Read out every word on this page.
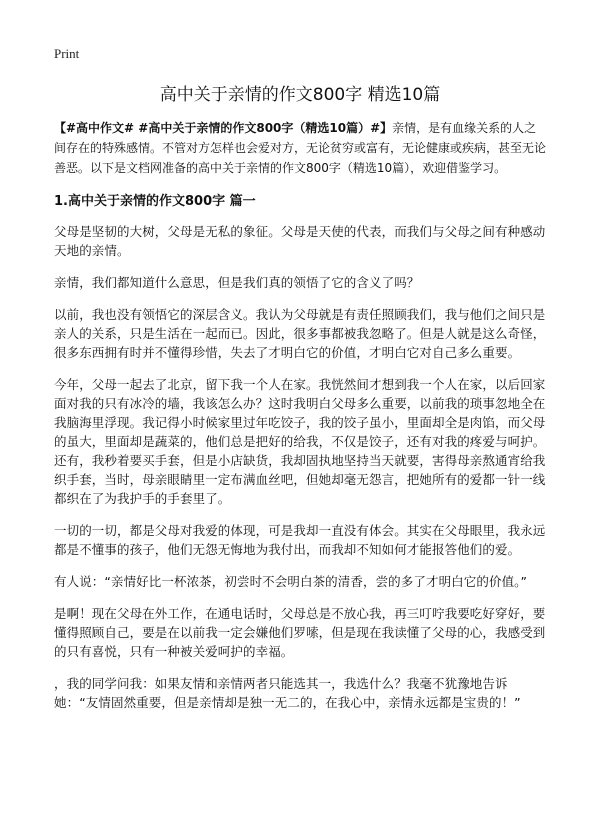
Print
高中关于亲情的作文800字 精选10篇

【#高中作文# #高中关于亲情的作文800字（精选10篇）#】亲情，是有血缘关系的人之间存在的特殊感情。不管对方怎样也会爱对方，无论贫穷或富有，无论健康或疾病，甚至无论善恶。以下是文档网准备的高中关于亲情的作文800字（精选10篇），欢迎借鉴学习。

1.高中关于亲情的作文800字 篇一

父母是坚韧的大树，父母是无私的象征。父母是天使的代表，而我们与父母之间有种感动天地的亲情。

亲情，我们都知道什么意思，但是我们真的领悟了它的含义了吗？

以前，我也没有领悟它的深层含义。我认为父母就是有责任照顾我们，我与他们之间只是亲人的关系，只是生活在一起而已。因此，很多事都被我忽略了。但是人就是这么奇怪，很多东西拥有时并不懂得珍惜，失去了才明白它的价值，才明白它对自己多么重要。

今年，父母一起去了北京，留下我一个人在家。我恍然间才想到我一个人在家，以后回家面对我的只有冰冷的墙，我该怎么办？这时我明白父母多么重要，以前我的琐事忽地全在我脑海里浮现。我记得小时候家里过年吃饺子，我的饺子虽小，里面却全是肉馅，而父母的虽大，里面却是蔬菜的，他们总是把好的给我，不仅是饺子，还有对我的疼爱与呵护。还有，我秒着要买手套，但是小店缺货，我却固执地坚持当天就要，害得母亲熬通宵给我织手套，当时，母亲眼睛里一定布满血丝吧，但她却毫无怨言，把她所有的爱都一针一线都织在了为我护手的手套里了。

一切的一切，都是父母对我爱的体现，可是我却一直没有体会。其实在父母眼里，我永远都是不懂事的孩子，他们无怨无悔地为我付出，而我却不知如何才能报答他们的爱。

有人说：“亲情好比一杯浓茶，初尝时不会明白茶的清香，尝的多了才明白它的价值。”

是啊！现在父母在外工作，在通电话时，父母总是不放心我，再三叮咛我要吃好穿好，要懂得照顾自己，要是在以前我一定会嫌他们罗嗦，但是现在我读懂了父母的心，我感受到的只有喜悦，只有一种被关爱呵护的幸福。

，我的同学问我：如果友情和亲情两者只能选其一，我选什么？我毫不犹豫地告诉她：“友情固然重要，但是亲情却是独一无二的，在我心中，亲情永远都是宝贵的！”
